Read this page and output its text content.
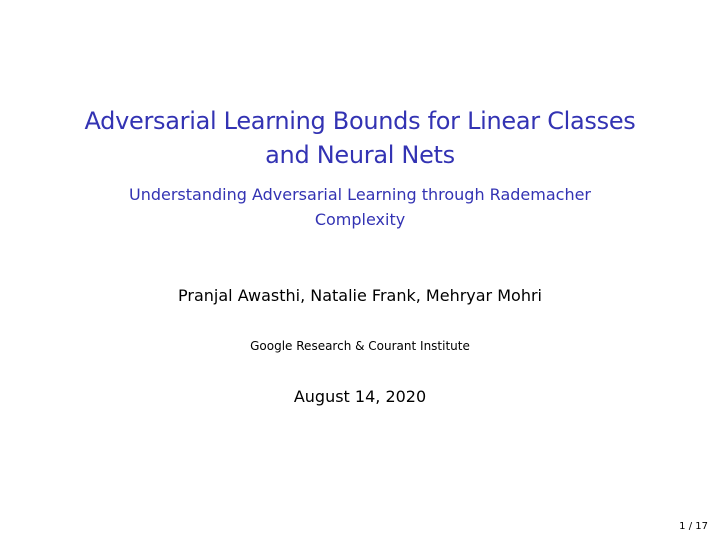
Adversarial Learning Bounds for Linear Classes
and Neural Nets
Understanding Adversarial Learning through Rademacher Complexity
Pranjal Awasthi, Natalie Frank, Mehryar Mohri
Google Research & Courant Institute
August 14, 2020
1 / 17
